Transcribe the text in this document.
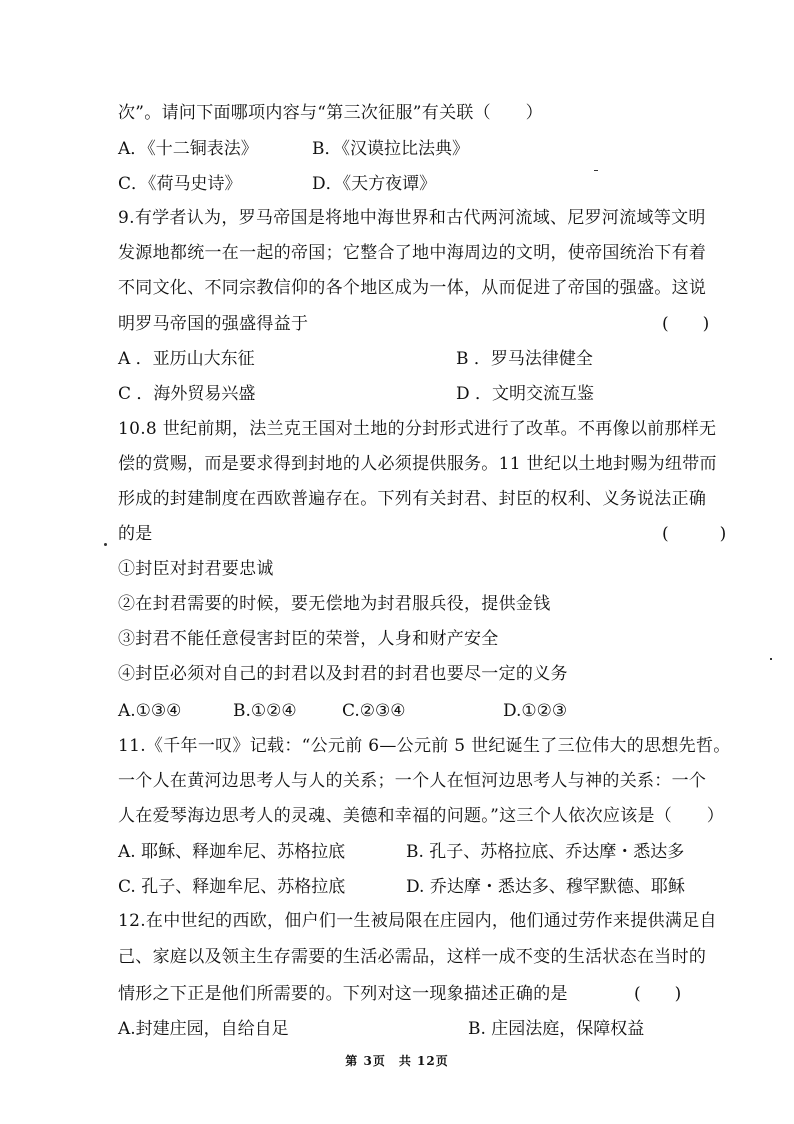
次”。请问下面哪项内容与“第三次征服”有关联（　　）
A．《十二铜表法》	B．《汉谟拉比法典》
C．《荷马史诗》	D．《天方夜谭》
9.有学者认为，罗马帝国是将地中海世界和古代两河流域、尼罗河流域等文明
发源地都统一在一起的帝国；它整合了地中海周边的文明，使帝国统治下有着
不同文化、不同宗教信仰的各个地区成为一体，从而促进了帝国的强盛。这说
明罗马帝国的强盛得益于	(　　)
A ．亚历山大东征	B ．罗马法律健全
C ．海外贸易兴盛	D ．文明交流互鉴
10.8 世纪前期，法兰克王国对土地的分封形式进行了改革。不再像以前那样无
偿的赏赐，而是要求得到封地的人必须提供服务。11 世纪以土地封赐为纽带而
形成的封建制度在西欧普遍存在。下列有关封君、封臣的权利、义务说法正确
的是	(　　　)
①封臣对封君要忠诚
②在封君需要的时候，要无偿地为封君服兵役，提供金钱
③封君不能任意侵害封臣的荣誉，人身和财产安全
④封臣必须对自己的封君以及封君的封君也要尽一定的义务
A.①③④	B.①②④	C.②③④	D.①②③
11.《千年一叹》记载：“公元前 6—公元前 5 世纪诞生了三位伟大的思想先哲。
一个人在黄河边思考人与人的关系；一个人在恒河边思考人与神的关系：一个
人在爱琴海边思考人的灵魂、美德和幸福的问题。”这三个人依次应该是（　　）
A. 耶稣、释迦牟尼、苏格拉底	B. 孔子、苏格拉底、乔达摩・悉达多
C. 孔子、释迦牟尼、苏格拉底	D. 乔达摩・悉达多、穆罕默德、耶稣
12.在中世纪的西欧，佃户们一生被局限在庄园内，他们通过劳作来提供满足自
己、家庭以及领主生存需要的生活必需品，这样一成不变的生活状态在当时的
情形之下正是他们所需要的。下列对这一现象描述正确的是	(　　)
A.封建庄园，自给自足	B. 庄园法庭，保障权益
第 3页　共 12页
